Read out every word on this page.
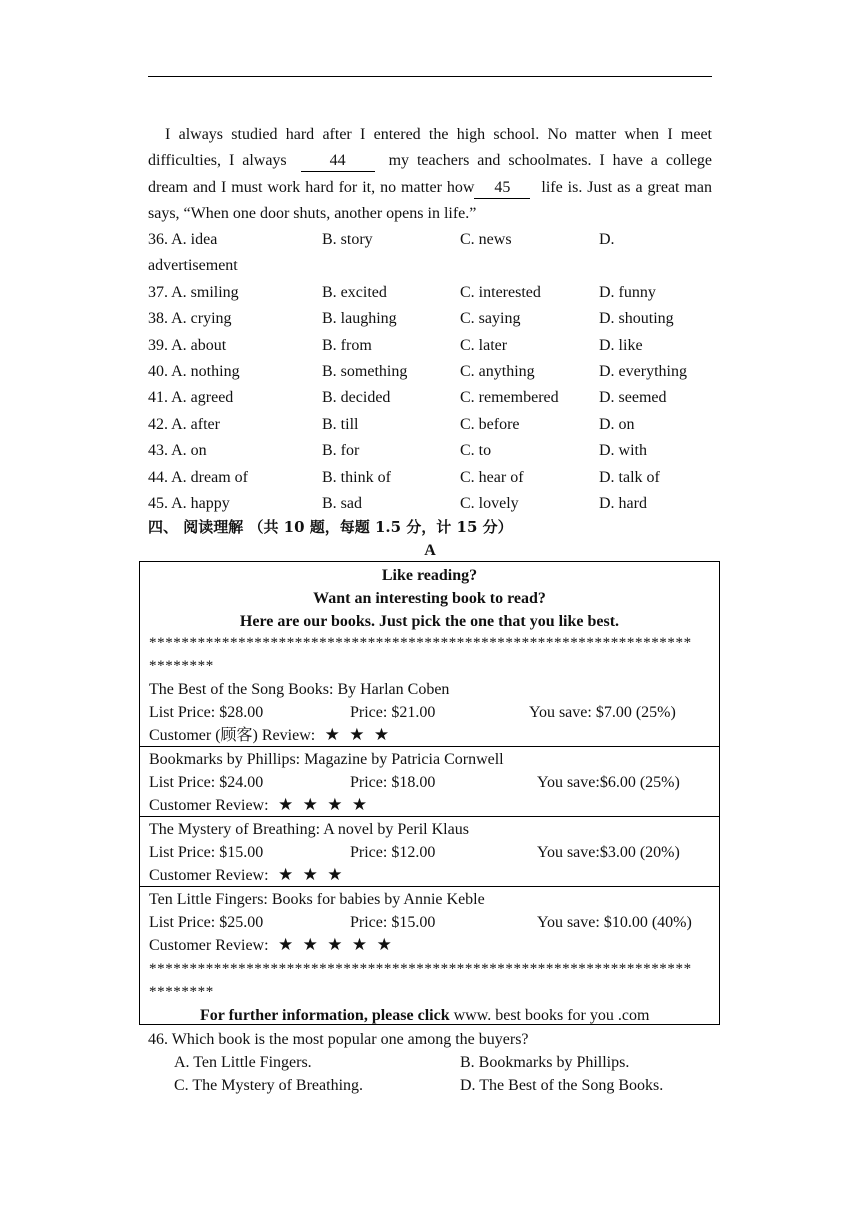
I always studied hard after I entered the high school. No matter when I meet difficulties, I always	44	my teachers and schoolmates. I have a college dream and I must work hard for it, no matter how 45 life is. Just as a great man says, “When one door shuts, another opens in life.”

36. A. idea	B. story	C. news	D.
advertisement
37. A. smiling	B. excited	C. interested	D. funny
38. A. crying	B. laughing	C. saying	D. shouting
39. A. about	B. from	C. later	D. like
40. A. nothing	B. something	C. anything	D. everything
41. A. agreed	B. decided	C. remembered	D. seemed
42. A. after	B. till	C. before	D. on
43. A. on	B. for	C. to	D. with
44. A. dream of	B. think of	C. hear of	D. talk of
45. A. happy	B. sad	C. lovely	D. hard
四、 阅读理解 （共 10 题，每题 1.5 分，计 15 分）
A
Like reading?
Want an interesting book to read?
Here are our books. Just pick the one that you like best.
*******************************************************************
********
The Best of the Song Books: By Harlan Coben
List Price: $28.00	Price: $21.00	You save: $7.00 (25%)
Customer (顾客) Review: ★ ★ ★
Bookmarks by Phillips: Magazine by Patricia Cornwell
List Price: $24.00	Price: $18.00	You save:$6.00 (25%)
Customer Review: ★ ★ ★ ★
The Mystery of Breathing: A novel by Peril Klaus
List Price: $15.00	Price: $12.00	You save:$3.00 (20%)
Customer Review: ★ ★ ★
Ten Little Fingers: Books for babies by Annie Keble
List Price: $25.00	Price: $15.00	You save: $10.00 (40%)
Customer Review: ★ ★ ★ ★ ★
*******************************************************************
********
For further information, please click www. best books for you .com
46. Which book is the most popular one among the buyers?
A. Ten Little Fingers.	B. Bookmarks by Phillips.
C. The Mystery of Breathing.	D. The Best of the Song Books.
